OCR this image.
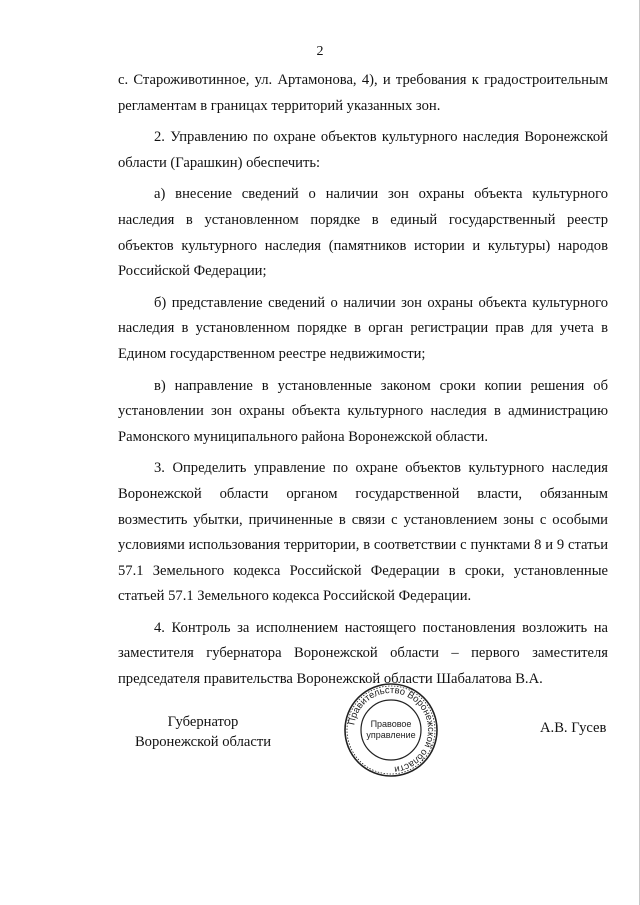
2

с. Староживотинное, ул. Артамонова, 4), и требования к градостроительным регламентам в границах территорий указанных зон.

2. Управлению по охране объектов культурного наследия Воронежской области (Гарашкин) обеспечить:

а) внесение сведений о наличии зон охраны объекта культурного наследия в установленном порядке в единый государственный реестр объектов культурного наследия (памятников истории и культуры) народов Российской Федерации;

б) представление сведений о наличии зон охраны объекта культурного наследия в установленном порядке в орган регистрации прав для учета в Едином государственном реестре недвижимости;

в) направление в установленные законом сроки копии решения об установлении зон охраны объекта культурного наследия в администрацию Рамонского муниципального района Воронежской области.

3. Определить управление по охране объектов культурного наследия Воронежской области органом государственной власти, обязанным возместить убытки, причиненные в связи с установлением зоны с особыми условиями использования территории, в соответствии с пунктами 8 и 9 статьи 57.1 Земельного кодекса Российской Федерации в сроки, установленные статьей 57.1 Земельного кодекса Российской Федерации.

4. Контроль за исполнением настоящего постановления возложить на заместителя губернатора Воронежской области – первого заместителя председателя правительства Воронежской области Шабалатова В.А.

Губернатор
Воронежской области
Правительство Воронежской области
Правовое
управление	А.В. Гусев
